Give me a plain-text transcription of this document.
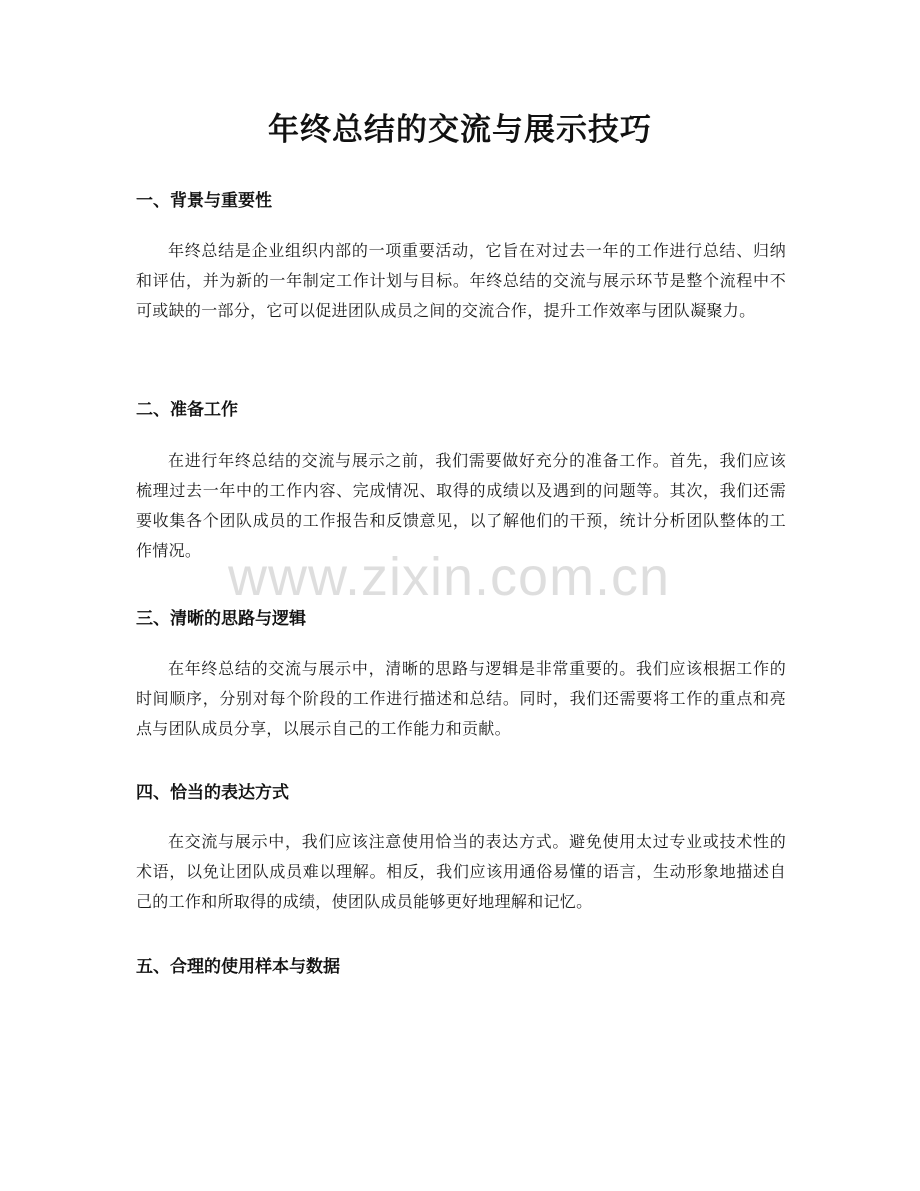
年终总结的交流与展示技巧
一、背景与重要性

年终总结是企业组织内部的一项重要活动，它旨在对过去一年的工作进行总结、归纳和评估，并为新的一年制定工作计划与目标。年终总结的交流与展示环节是整个流程中不可或缺的一部分，它可以促进团队成员之间的交流合作，提升工作效率与团队凝聚力。

二、准备工作

在进行年终总结的交流与展示之前，我们需要做好充分的准备工作。首先，我们应该梳理过去一年中的工作内容、完成情况、取得的成绩以及遇到的问题等。其次，我们还需要收集各个团队成员的工作报告和反馈意见，以了解他们的干预，统计分析团队整体的工作情况。

三、清晰的思路与逻辑

在年终总结的交流与展示中，清晰的思路与逻辑是非常重要的。我们应该根据工作的时间顺序，分别对每个阶段的工作进行描述和总结。同时，我们还需要将工作的重点和亮点与团队成员分享，以展示自己的工作能力和贡献。

四、恰当的表达方式

在交流与展示中，我们应该注意使用恰当的表达方式。避免使用太过专业或技术性的术语，以免让团队成员难以理解。相反，我们应该用通俗易懂的语言，生动形象地描述自己的工作和所取得的成绩，使团队成员能够更好地理解和记忆。

五、合理的使用样本与数据
www.zixin.com.cn
